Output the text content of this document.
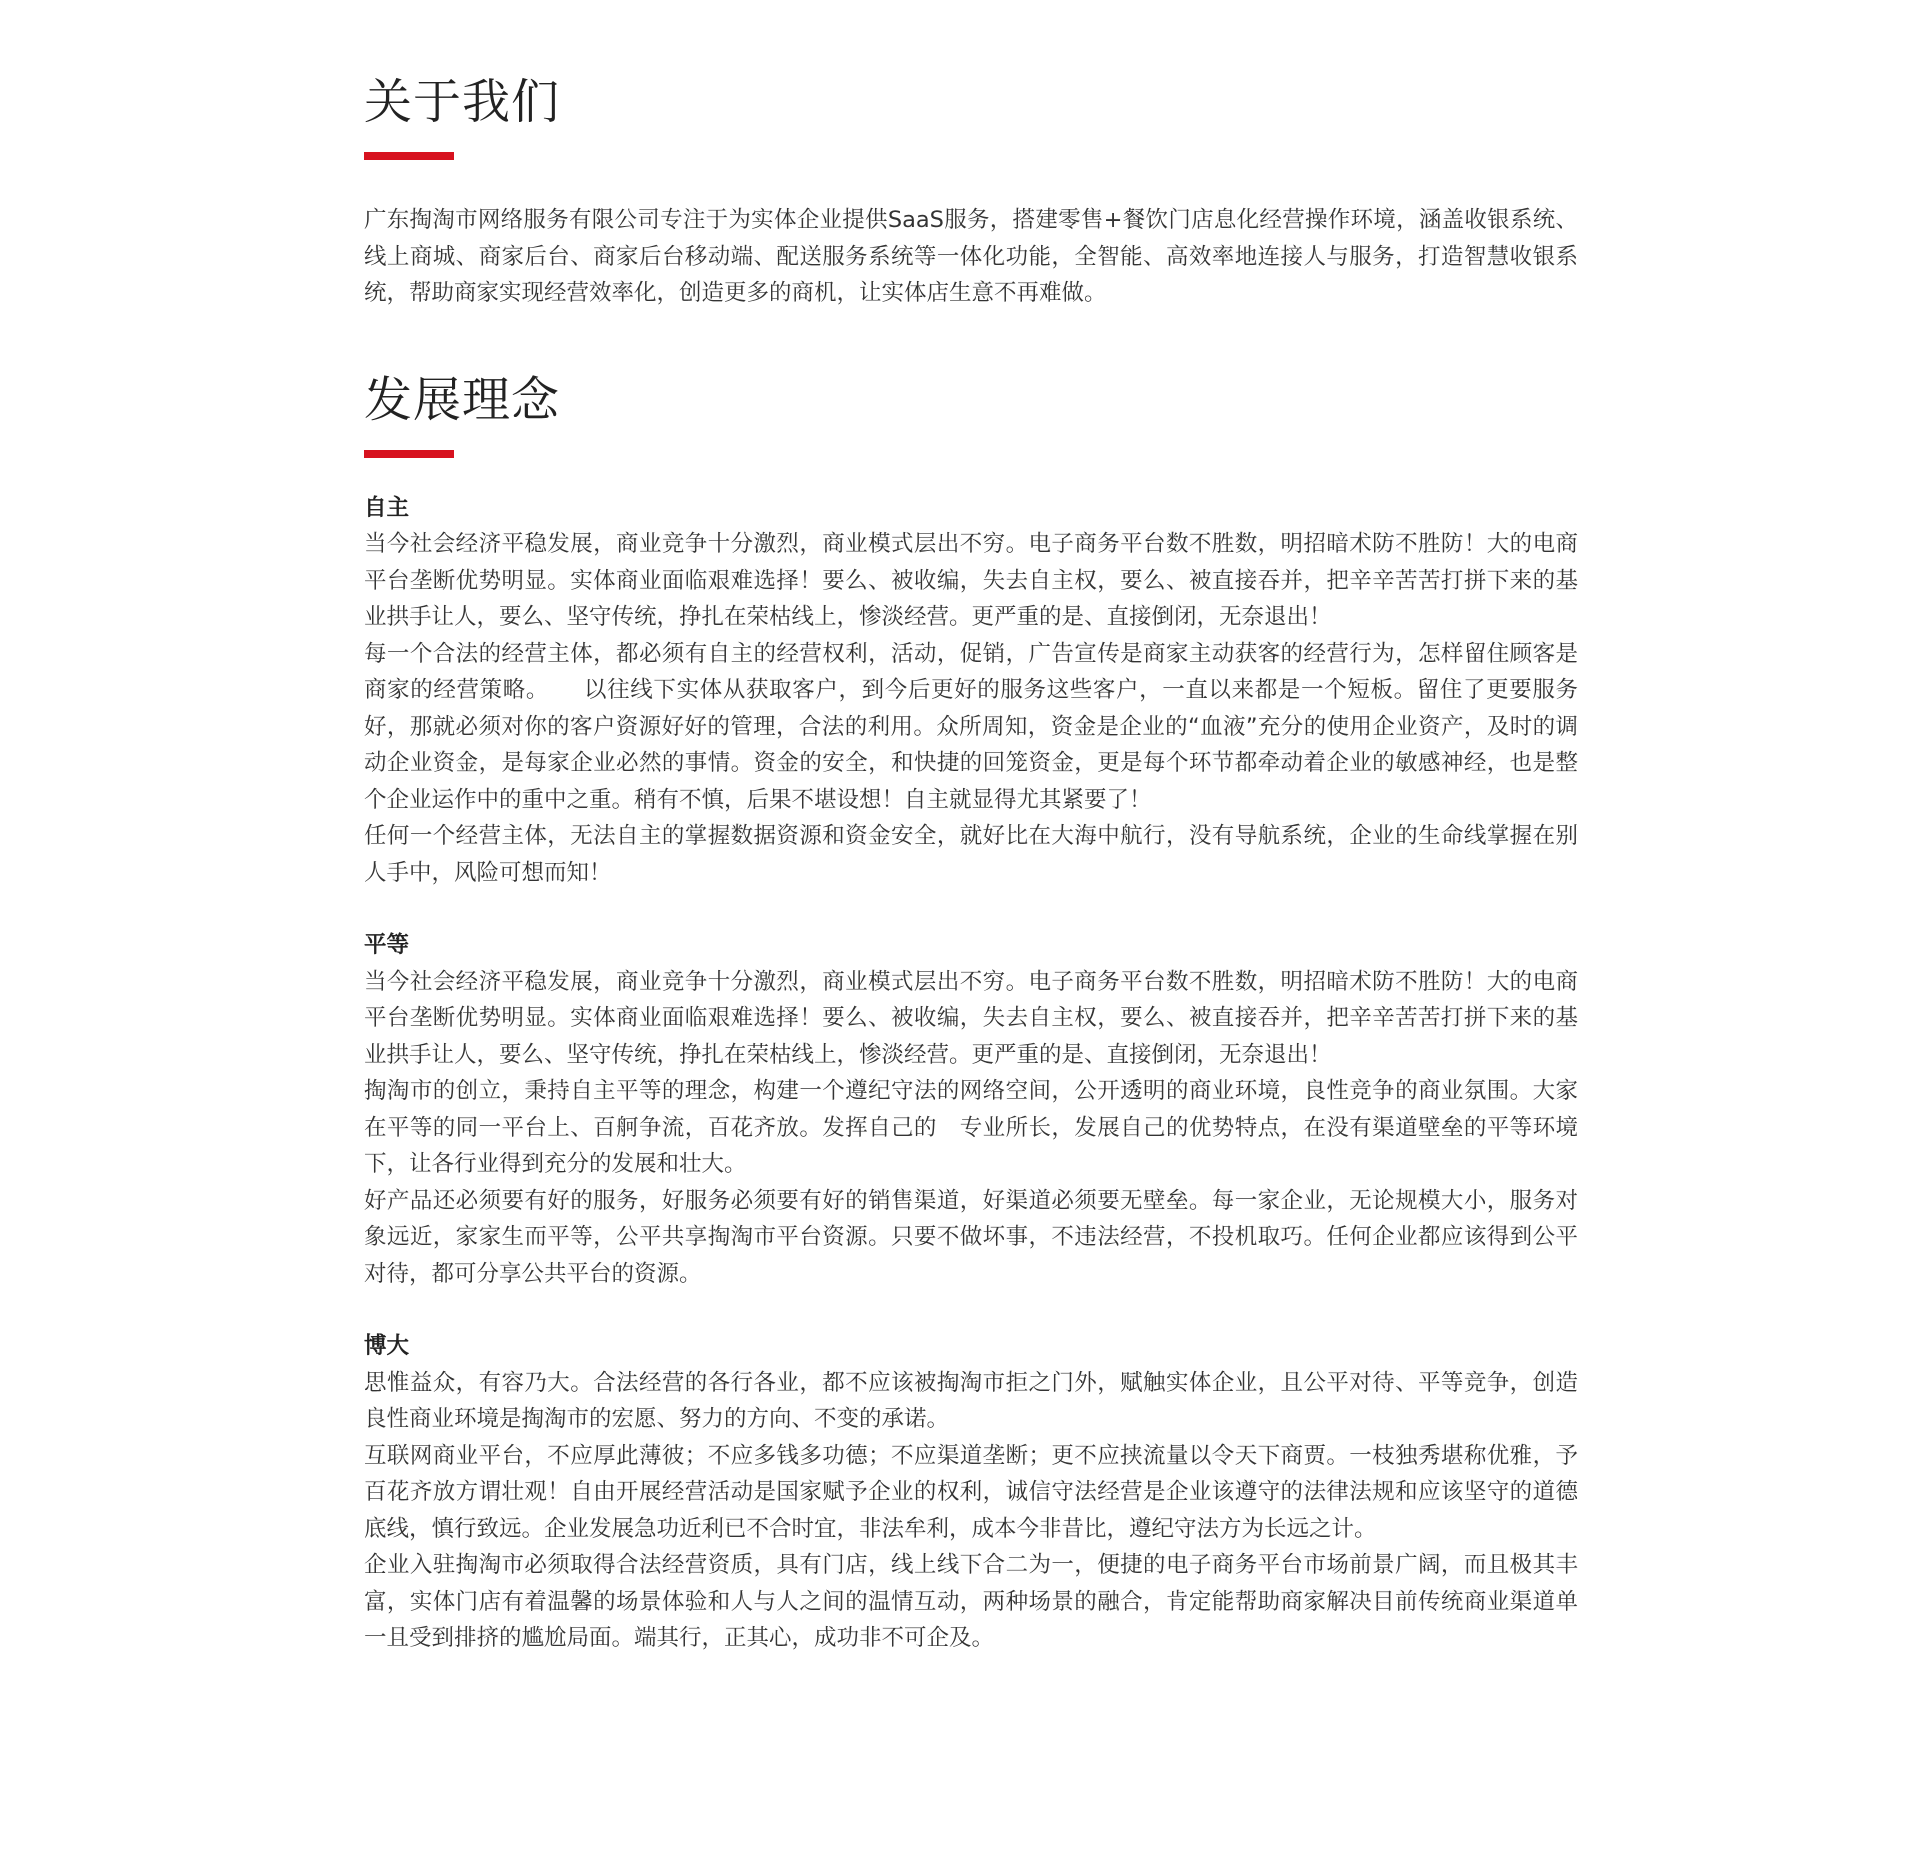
关于我们

广东掏淘市网络服务有限公司专注于为实体企业提供SaaS服务，搭建零售+餐饮门店息化经营操作环境，涵盖收银系统、线上商城、商家后台、商家后台移动端、配送服务系统等一体化功能，全智能、高效率地连接人与服务，打造智慧收银系统，帮助商家实现经营效率化，创造更多的商机，让实体店生意不再难做。

发展理念
自主

当今社会经济平稳发展，商业竞争十分激烈，商业模式层出不穷。电子商务平台数不胜数，明招暗术防不胜防！大的电商平台垄断优势明显。实体商业面临艰难选择！要么、被收编，失去自主权，要么、被直接吞并，把辛辛苦苦打拼下来的基业拱手让人，要么、坚守传统，挣扎在荣枯线上，惨淡经营。更严重的是、直接倒闭，无奈退出！

每一个合法的经营主体，都必须有自主的经营权利，活动，促销，广告宣传是商家主动获客的经营行为，怎样留住顾客是商家的经营策略。　　以往线下实体从获取客户，到今后更好的服务这些客户，一直以来都是一个短板。留住了更要服务好，那就必须对你的客户资源好好的管理，合法的利用。众所周知，资金是企业的“血液”充分的使用企业资产，及时的调动企业资金，是每家企业必然的事情。资金的安全，和快捷的回笼资金，更是每个环节都牵动着企业的敏感神经，也是整个企业运作中的重中之重。稍有不慎，后果不堪设想！自主就显得尤其紧要了！

任何一个经营主体，无法自主的掌握数据资源和资金安全，就好比在大海中航行，没有导航系统，企业的生命线掌握在别人手中，风险可想而知！

平等

当今社会经济平稳发展，商业竞争十分激烈，商业模式层出不穷。电子商务平台数不胜数，明招暗术防不胜防！大的电商平台垄断优势明显。实体商业面临艰难选择！要么、被收编，失去自主权，要么、被直接吞并，把辛辛苦苦打拼下来的基业拱手让人，要么、坚守传统，挣扎在荣枯线上，惨淡经营。更严重的是、直接倒闭，无奈退出！

掏淘市的创立，秉持自主平等的理念，构建一个遵纪守法的网络空间，公开透明的商业环境，良性竞争的商业氛围。大家在平等的同一平台上、百舸争流，百花齐放。发挥自己的　专业所长，发展自己的优势特点，在没有渠道壁垒的平等环境下，让各行业得到充分的发展和壮大。

好产品还必须要有好的服务，好服务必须要有好的销售渠道，好渠道必须要无壁垒。每一家企业，无论规模大小，服务对象远近，家家生而平等，公平共享掏淘市平台资源。只要不做坏事，不违法经营，不投机取巧。任何企业都应该得到公平对待，都可分享公共平台的资源。

博大

思惟益众，有容乃大。合法经营的各行各业，都不应该被掏淘市拒之门外，赋触实体企业，且公平对待、平等竞争，创造良性商业环境是掏淘市的宏愿、努力的方向、不变的承诺。

互联网商业平台，不应厚此薄彼；不应多钱多功德；不应渠道垄断；更不应挟流量以令天下商贾。一枝独秀堪称优雅，予百花齐放方谓壮观！自由开展经营活动是国家赋予企业的权利，诚信守法经营是企业该遵守的法律法规和应该坚守的道德底线，慎行致远。企业发展急功近利已不合时宜，非法牟利，成本今非昔比，遵纪守法方为长远之计。

企业入驻掏淘市必须取得合法经营资质，具有门店，线上线下合二为一，便捷的电子商务平台市场前景广阔，而且极其丰富，实体门店有着温馨的场景体验和人与人之间的温情互动，两种场景的融合，肯定能帮助商家解决目前传统商业渠道单一且受到排挤的尴尬局面。端其行，正其心，成功非不可企及。
